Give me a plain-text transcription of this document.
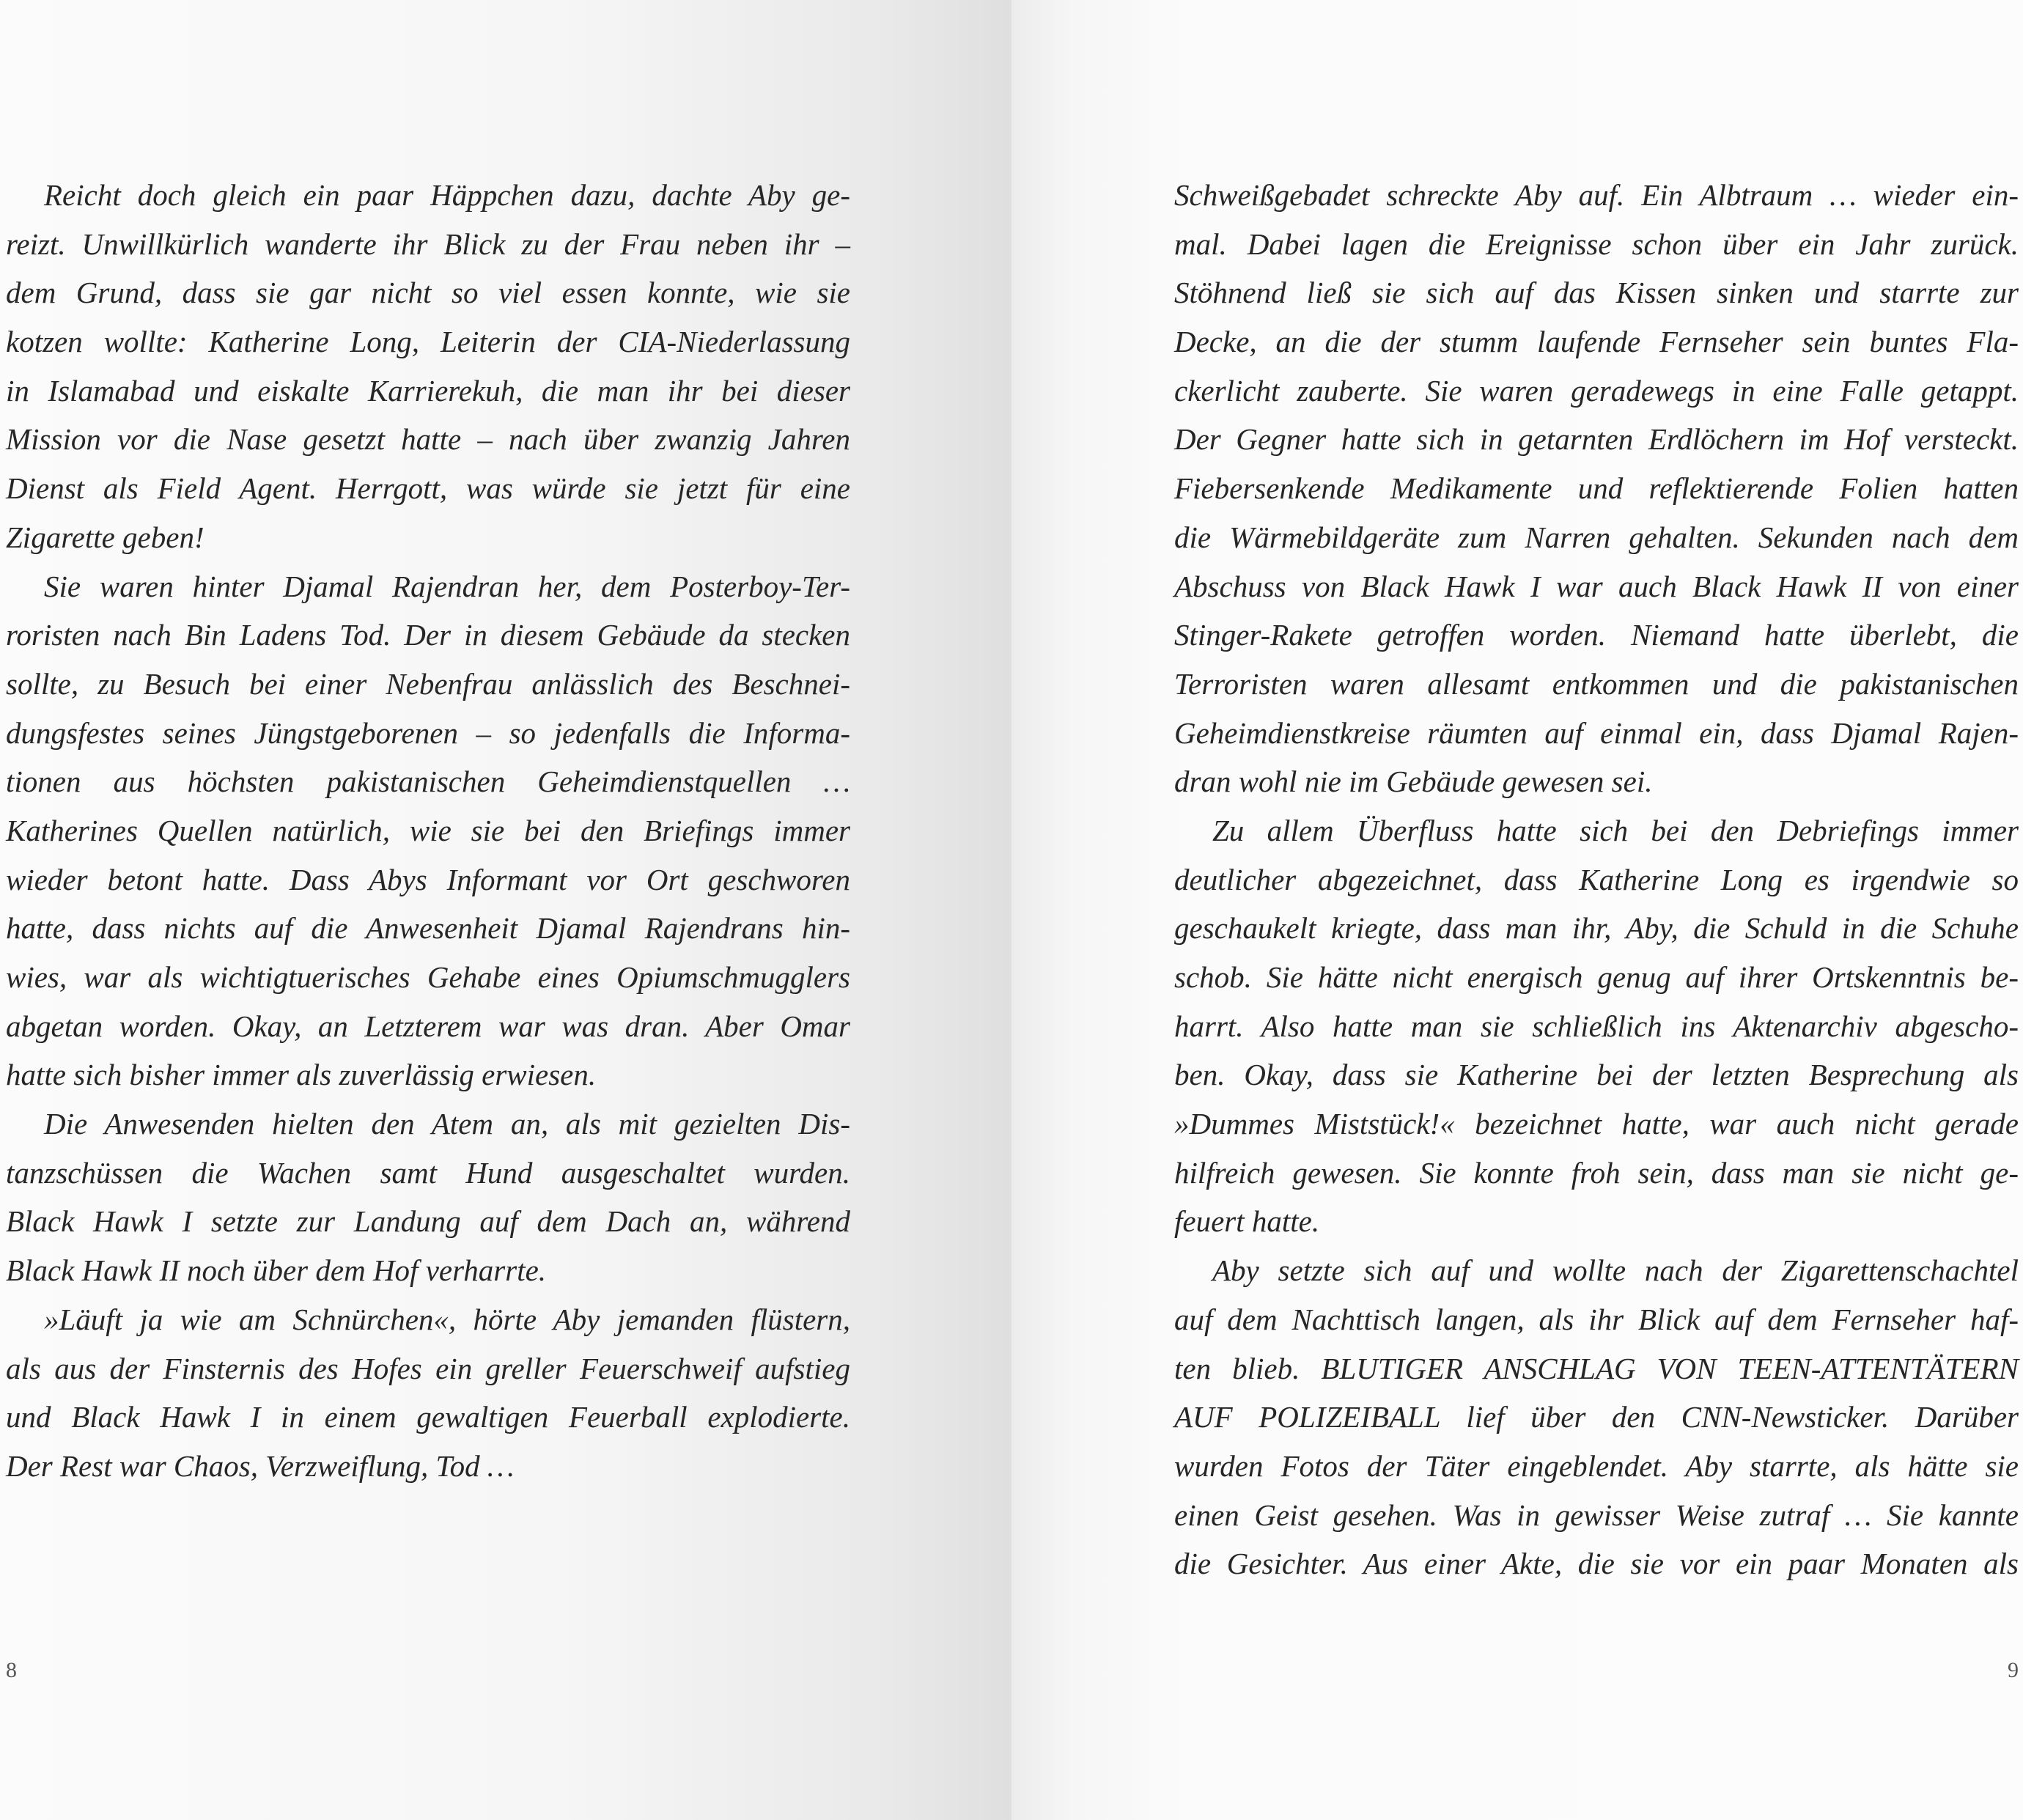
Reicht doch gleich ein paar Häppchen dazu, dachte Aby ge-
reizt. Unwillkürlich wanderte ihr Blick zu der Frau neben ihr –
dem Grund, dass sie gar nicht so viel essen konnte, wie sie
kotzen wollte: Katherine Long, Leiterin der CIA-Niederlassung
in Islamabad und eiskalte Karrierekuh, die man ihr bei dieser
Mission vor die Nase gesetzt hatte – nach über zwanzig Jahren
Dienst als Field Agent. Herrgott, was würde sie jetzt für eine
Zigarette geben!
Sie waren hinter Djamal Rajendran her, dem Posterboy-Ter-
roristen nach Bin Ladens Tod. Der in diesem Gebäude da stecken
sollte, zu Besuch bei einer Nebenfrau anlässlich des Beschnei-
dungsfestes seines Jüngstgeborenen – so jedenfalls die Informa-
tionen aus höchsten pakistanischen Geheimdienstquellen …
Katherines Quellen natürlich, wie sie bei den Briefings immer
wieder betont hatte. Dass Abys Informant vor Ort geschworen
hatte, dass nichts auf die Anwesenheit Djamal Rajendrans hin-
wies, war als wichtigtuerisches Gehabe eines Opiumschmugglers
abgetan worden. Okay, an Letzterem war was dran. Aber Omar
hatte sich bisher immer als zuverlässig erwiesen.
Die Anwesenden hielten den Atem an, als mit gezielten Dis-
tanzschüssen die Wachen samt Hund ausgeschaltet wurden.
Black Hawk I setzte zur Landung auf dem Dach an, während
Black Hawk II noch über dem Hof verharrte.
»Läuft ja wie am Schnürchen«, hörte Aby jemanden flüstern,
als aus der Finsternis des Hofes ein greller Feuerschweif aufstieg
und Black Hawk I in einem gewaltigen Feuerball explodierte.
Der Rest war Chaos, Verzweiflung, Tod …
8
Schweißgebadet schreckte Aby auf. Ein Albtraum … wieder ein-
mal. Dabei lagen die Ereignisse schon über ein Jahr zurück.
Stöhnend ließ sie sich auf das Kissen sinken und starrte zur
Decke, an die der stumm laufende Fernseher sein buntes Fla-
ckerlicht zauberte. Sie waren geradewegs in eine Falle getappt.
Der Gegner hatte sich in getarnten Erdlöchern im Hof versteckt.
Fiebersenkende Medikamente und reflektierende Folien hatten
die Wärmebildgeräte zum Narren gehalten. Sekunden nach dem
Abschuss von Black Hawk I war auch Black Hawk II von einer
Stinger-Rakete getroffen worden. Niemand hatte überlebt, die
Terroristen waren allesamt entkommen und die pakistanischen
Geheimdienstkreise räumten auf einmal ein, dass Djamal Rajen-
dran wohl nie im Gebäude gewesen sei.
Zu allem Überfluss hatte sich bei den Debriefings immer
deutlicher abgezeichnet, dass Katherine Long es irgendwie so
geschaukelt kriegte, dass man ihr, Aby, die Schuld in die Schuhe
schob. Sie hätte nicht energisch genug auf ihrer Ortskenntnis be-
harrt. Also hatte man sie schließlich ins Aktenarchiv abgescho-
ben. Okay, dass sie Katherine bei der letzten Besprechung als
»Dummes Miststück!« bezeichnet hatte, war auch nicht gerade
hilfreich gewesen. Sie konnte froh sein, dass man sie nicht ge-
feuert hatte.
Aby setzte sich auf und wollte nach der Zigarettenschachtel
auf dem Nachttisch langen, als ihr Blick auf dem Fernseher haf-
ten blieb. BLUTIGER ANSCHLAG VON TEEN-ATTENTÄTERN
AUF POLIZEIBALL lief über den CNN-Newsticker. Darüber
wurden Fotos der Täter eingeblendet. Aby starrte, als hätte sie
einen Geist gesehen. Was in gewisser Weise zutraf … Sie kannte
die Gesichter. Aus einer Akte, die sie vor ein paar Monaten als
9
